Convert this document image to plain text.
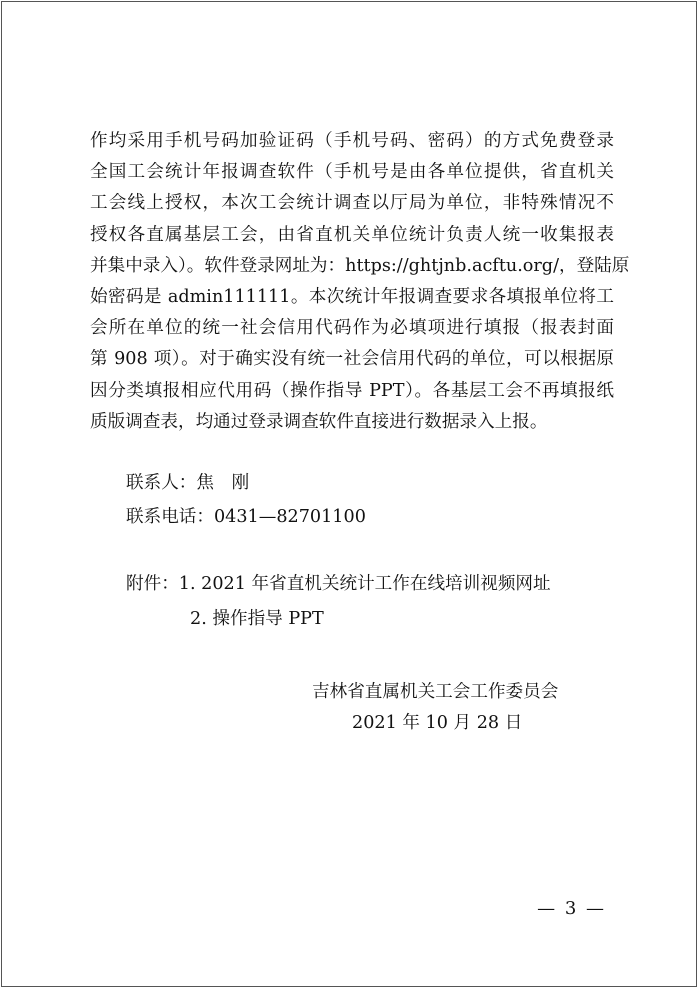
作均采用手机号码加验证码（手机号码、密码）的方式免费登录
全国工会统计年报调查软件（手机号是由各单位提供，省直机关
工会线上授权，本次工会统计调查以厅局为单位，非特殊情况不
授权各直属基层工会，由省直机关单位统计负责人统一收集报表
并集中录入）。软件登录网址为：https://ghtjnb.acftu.org/，登陆原
始密码是 admin111111。本次统计年报调查要求各填报单位将工
会所在单位的统一社会信用代码作为必填项进行填报（报表封面
第 908 项）。对于确实没有统一社会信用代码的单位，可以根据原
因分类填报相应代用码（操作指导 PPT）。各基层工会不再填报纸
质版调查表，均通过登录调查软件直接进行数据录入上报。
联系人：焦　刚
联系电话：0431—82701100
附件：1. 2021 年省直机关统计工作在线培训视频网址
2. 操作指导 PPT
吉林省直属机关工会工作委员会
2021 年 10 月 28 日
— 3 —
